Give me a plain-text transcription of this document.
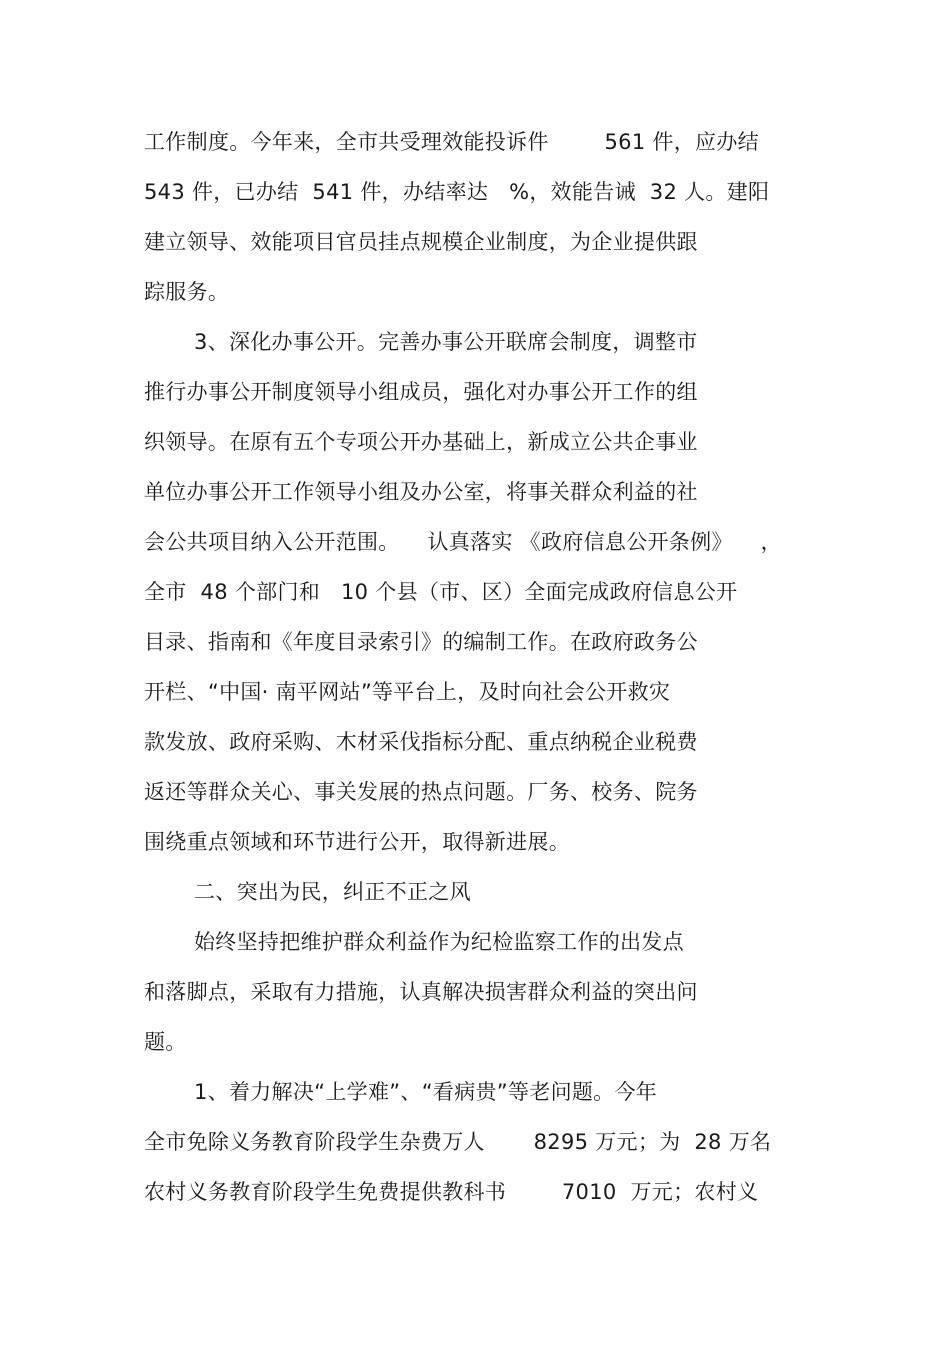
工作制度。今年来，全市共受理效能投诉件        561 件，应办结
543 件，已办结  541 件，办结率达   %，效能告诫  32 人。建阳
建立领导、效能项目官员挂点规模企业制度，为企业提供跟
踪服务。
3、深化办事公开。完善办事公开联席会制度，调整市
推行办事公开制度领导小组成员，强化对办事公开工作的组
织领导。在原有五个专项公开办基础上，新成立公共企事业
单位办事公开工作领导小组及办公室，将事关群众利益的社
会公共项目纳入公开范围。    认真落实 《政府信息公开条例》    ，
全市  48 个部门和   10 个县（市、区）全面完成政府信息公开
目录、指南和《年度目录索引》的编制工作。在政府政务公
开栏、“中国· 南平网站”等平台上，及时向社会公开救灾
款发放、政府采购、木材采伐指标分配、重点纳税企业税费
返还等群众关心、事关发展的热点问题。厂务、校务、院务
围绕重点领域和环节进行公开，取得新进展。
二、突出为民，纠正不正之风
始终坚持把维护群众利益作为纪检监察工作的出发点
和落脚点，采取有力措施，认真解决损害群众利益的突出问
题。
1、着力解决“上学难”、“看病贵”等老问题。今年
全市免除义务教育阶段学生杂费万人       8295 万元；为  28 万名
农村义务教育阶段学生免费提供教科书        7010  万元；农村义
